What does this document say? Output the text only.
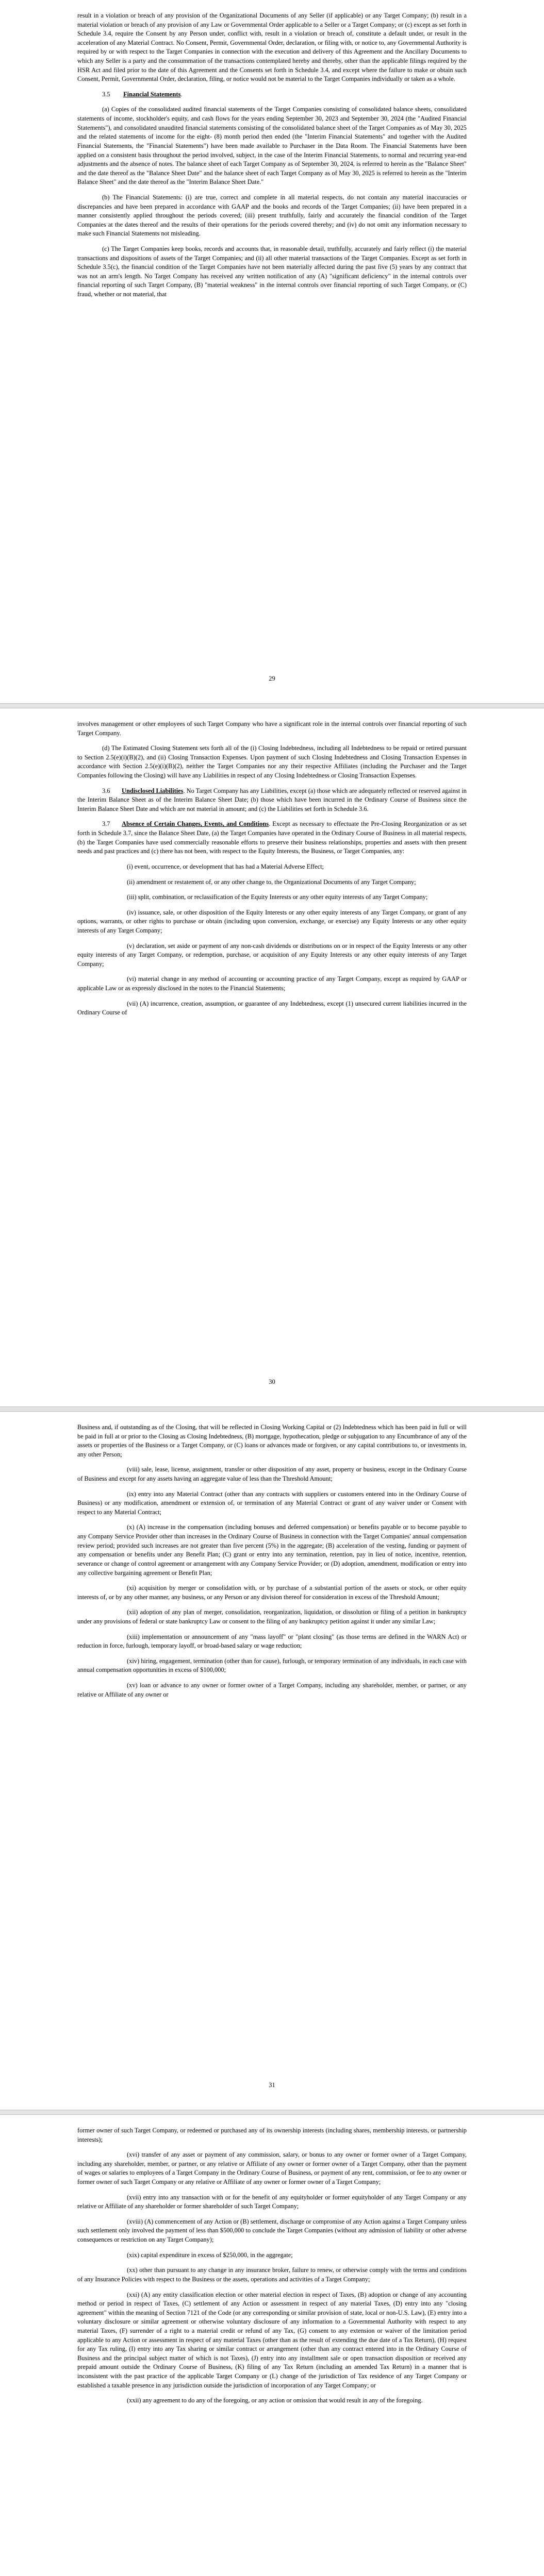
result in a violation or breach of any provision of the Organizational Documents of any Seller (if applicable) or any Target Company; (b) result in a material violation or breach of any provision of any Law or Governmental Order applicable to a Seller or a Target Company; or (c) except as set forth in Schedule 3.4, require the Consent by any Person under, conflict with, result in a violation or breach of, constitute a default under, or result in the acceleration of any Material Contract. No Consent, Permit, Governmental Order, declaration, or filing with, or notice to, any Governmental Authority is required by or with respect to the Target Companies in connection with the execution and delivery of this Agreement and the Ancillary Documents to which any Seller is a party and the consummation of the transactions contemplated hereby and thereby, other than the applicable filings required by the HSR Act and filed prior to the date of this Agreement and the Consents set forth in Schedule 3.4, and except where the failure to make or obtain such Consent, Permit, Governmental Order, declaration, filing, or notice would not be material to the Target Companies individually or taken as a whole.

3.5 Financial Statements.

(a) Copies of the consolidated audited financial statements of the Target Companies consisting of consolidated balance sheets, consolidated statements of income, stockholder's equity, and cash flows for the years ending September 30, 2023 and September 30, 2024 (the "Audited Financial Statements"), and consolidated unaudited financial statements consisting of the consolidated balance sheet of the Target Companies as of May 30, 2025 and the related statements of income for the eight- (8) month period then ended (the "Interim Financial Statements" and together with the Audited Financial Statements, the "Financial Statements") have been made available to Purchaser in the Data Room. The Financial Statements have been applied on a consistent basis throughout the period involved, subject, in the case of the Interim Financial Statements, to normal and recurring year-end adjustments and the absence of notes. The balance sheet of each Target Company as of September 30, 2024, is referred to herein as the "Balance Sheet" and the date thereof as the "Balance Sheet Date" and the balance sheet of each Target Company as of May 30, 2025 is referred to herein as the "Interim Balance Sheet" and the date thereof as the "Interim Balance Sheet Date."

(b) The Financial Statements: (i) are true, correct and complete in all material respects, do not contain any material inaccuracies or discrepancies and have been prepared in accordance with GAAP and the books and records of the Target Companies; (ii) have been prepared in a manner consistently applied throughout the periods covered; (iii) present truthfully, fairly and accurately the financial condition of the Target Companies at the dates thereof and the results of their operations for the periods covered thereby; and (iv) do not omit any information necessary to make such Financial Statements not misleading.

(c) The Target Companies keep books, records and accounts that, in reasonable detail, truthfully, accurately and fairly reflect (i) the material transactions and dispositions of assets of the Target Companies; and (ii) all other material transactions of the Target Companies. Except as set forth in Schedule 3.5(c), the financial condition of the Target Companies have not been materially affected during the past five (5) years by any contract that was not an arm's length. No Target Company has received any written notification of any (A) "significant deficiency" in the internal controls over financial reporting of such Target Company, (B) "material weakness" in the internal controls over financial reporting of such Target Company, or (C) fraud, whether or not material, that

29

involves management or other employees of such Target Company who have a significant role in the internal controls over financial reporting of such Target Company.

(d) The Estimated Closing Statement sets forth all of the (i) Closing Indebtedness, including all Indebtedness to be repaid or retired pursuant to Section 2.5(e)(i)(B)(2), and (ii) Closing Transaction Expenses. Upon payment of such Closing Indebtedness and Closing Transaction Expenses in accordance with Section 2.5(e)(i)(B)(2), neither the Target Companies nor any their respective Affiliates (including the Purchaser and the Target Companies following the Closing) will have any Liabilities in respect of any Closing Indebtedness or Closing Transaction Expenses.

3.6 Undisclosed Liabilities. No Target Company has any Liabilities, except (a) those which are adequately reflected or reserved against in the Interim Balance Sheet as of the Interim Balance Sheet Date; (b) those which have been incurred in the Ordinary Course of Business since the Interim Balance Sheet Date and which are not material in amount; and (c) the Liabilities set forth in Schedule 3.6.

3.7 Absence of Certain Changes, Events, and Conditions. Except as necessary to effectuate the Pre-Closing Reorganization or as set forth in Schedule 3.7, since the Balance Sheet Date, (a) the Target Companies have operated in the Ordinary Course of Business in all material respects, (b) the Target Companies have used commercially reasonable efforts to preserve their business relationships, properties and assets with then present needs and past practices and (c) there has not been, with respect to the Equity Interests, the Business, or Target Companies, any:

(i) event, occurrence, or development that has had a Material Adverse Effect;

(ii) amendment or restatement of, or any other change to, the Organizational Documents of any Target Company;

(iii) split, combination, or reclassification of the Equity Interests or any other equity interests of any Target Company;

(iv) issuance, sale, or other disposition of the Equity Interests or any other equity interests of any Target Company, or grant of any options, warrants, or other rights to purchase or obtain (including upon conversion, exchange, or exercise) any Equity Interests or any other equity interests of any Target Company;

(v) declaration, set aside or payment of any non-cash dividends or distributions on or in respect of the Equity Interests or any other equity interests of any Target Company, or redemption, purchase, or acquisition of any Equity Interests or any other equity interests of any Target Company;

(vi) material change in any method of accounting or accounting practice of any Target Company, except as required by GAAP or applicable Law or as expressly disclosed in the notes to the Financial Statements;

(vii) (A) incurrence, creation, assumption, or guarantee of any Indebtedness, except (1) unsecured current liabilities incurred in the Ordinary Course of

30

Business and, if outstanding as of the Closing, that will be reflected in Closing Working Capital or (2) Indebtedness which has been paid in full or will be paid in full at or prior to the Closing as Closing Indebtedness, (B) mortgage, hypothecation, pledge or subjugation to any Encumbrance of any of the assets or properties of the Business or a Target Company, or (C) loans or advances made or forgiven, or any capital contributions to, or investments in, any other Person;

(viii) sale, lease, license, assignment, transfer or other disposition of any asset, property or business, except in the Ordinary Course of Business and except for any assets having an aggregate value of less than the Threshold Amount;

(ix) entry into any Material Contract (other than any contracts with suppliers or customers entered into in the Ordinary Course of Business) or any modification, amendment or extension of, or termination of any Material Contract or grant of any waiver under or Consent with respect to any Material Contract;

(x) (A) increase in the compensation (including bonuses and deferred compensation) or benefits payable or to become payable to any Company Service Provider other than increases in the Ordinary Course of Business in connection with the Target Companies' annual compensation review period; provided such increases are not greater than five percent (5%) in the aggregate; (B) acceleration of the vesting, funding or payment of any compensation or benefits under any Benefit Plan; (C) grant or entry into any termination, retention, pay in lieu of notice, incentive, retention, severance or change of control agreement or arrangement with any Company Service Provider; or (D) adoption, amendment, modification or entry into any collective bargaining agreement or Benefit Plan;

(xi) acquisition by merger or consolidation with, or by purchase of a substantial portion of the assets or stock, or other equity interests of, or by any other manner, any business, or any Person or any division thereof for consideration in excess of the Threshold Amount;

(xii) adoption of any plan of merger, consolidation, reorganization, liquidation, or dissolution or filing of a petition in bankruptcy under any provisions of federal or state bankruptcy Law or consent to the filing of any bankruptcy petition against it under any similar Law;

(xiii) implementation or announcement of any "mass layoff" or "plant closing" (as those terms are defined in the WARN Act) or reduction in force, furlough, temporary layoff, or broad-based salary or wage reduction;

(xiv) hiring, engagement, termination (other than for cause), furlough, or temporary termination of any individuals, in each case with annual compensation opportunities in excess of $100,000;

(xv) loan or advance to any owner or former owner of a Target Company, including any shareholder, member, or partner, or any relative or Affiliate of any owner or

31

former owner of such Target Company, or redeemed or purchased any of its ownership interests (including shares, membership interests, or partnership interests);

(xvi) transfer of any asset or payment of any commission, salary, or bonus to any owner or former owner of a Target Company, including any shareholder, member, or partner, or any relative or Affiliate of any owner or former owner of a Target Company, other than the payment of wages or salaries to employees of a Target Company in the Ordinary Course of Business, or payment of any rent, commission, or fee to any owner or former owner of such Target Company or any relative or Affiliate of any owner or former owner of a Target Company;

(xvii) entry into any transaction with or for the benefit of any equityholder or former equityholder of any Target Company or any relative or Affiliate of any shareholder or former shareholder of such Target Company;

(xviii) (A) commencement of any Action or (B) settlement, discharge or compromise of any Action against a Target Company unless such settlement only involved the payment of less than $500,000 to conclude the Target Companies (without any admission of liability or other adverse consequences or restriction on any Target Company);

(xix) capital expenditure in excess of $250,000, in the aggregate;

(xx) other than pursuant to any change in any insurance broker, failure to renew, or otherwise comply with the terms and conditions of any Insurance Policies with respect to the Business or the assets, operations and activities of a Target Company;

(xxi) (A) any entity classification election or other material election in respect of Taxes, (B) adoption or change of any accounting method or period in respect of Taxes, (C) settlement of any Action or assessment in respect of any material Taxes, (D) entry into any "closing agreement" within the meaning of Section 7121 of the Code (or any corresponding or similar provision of state, local or non-U.S. Law), (E) entry into a voluntary disclosure or similar agreement or otherwise voluntary disclosure of any information to a Governmental Authority with respect to any material Taxes, (F) surrender of a right to a material credit or refund of any Tax, (G) consent to any extension or waiver of the limitation period applicable to any Action or assessment in respect of any material Taxes (other than as the result of extending the due date of a Tax Return), (H) request for any Tax ruling, (I) entry into any Tax sharing or similar contract or arrangement (other than any contract entered into in the Ordinary Course of Business and the principal subject matter of which is not Taxes), (J) entry into any installment sale or open transaction disposition or received any prepaid amount outside the Ordinary Course of Business, (K) filing of any Tax Return (including an amended Tax Return) in a manner that is inconsistent with the past practice of the applicable Target Company or (L) change of the jurisdiction of Tax residence of any Target Company or established a taxable presence in any jurisdiction outside the jurisdiction of incorporation of any Target Company; or

(xxii) any agreement to do any of the foregoing, or any action or omission that would result in any of the foregoing.
